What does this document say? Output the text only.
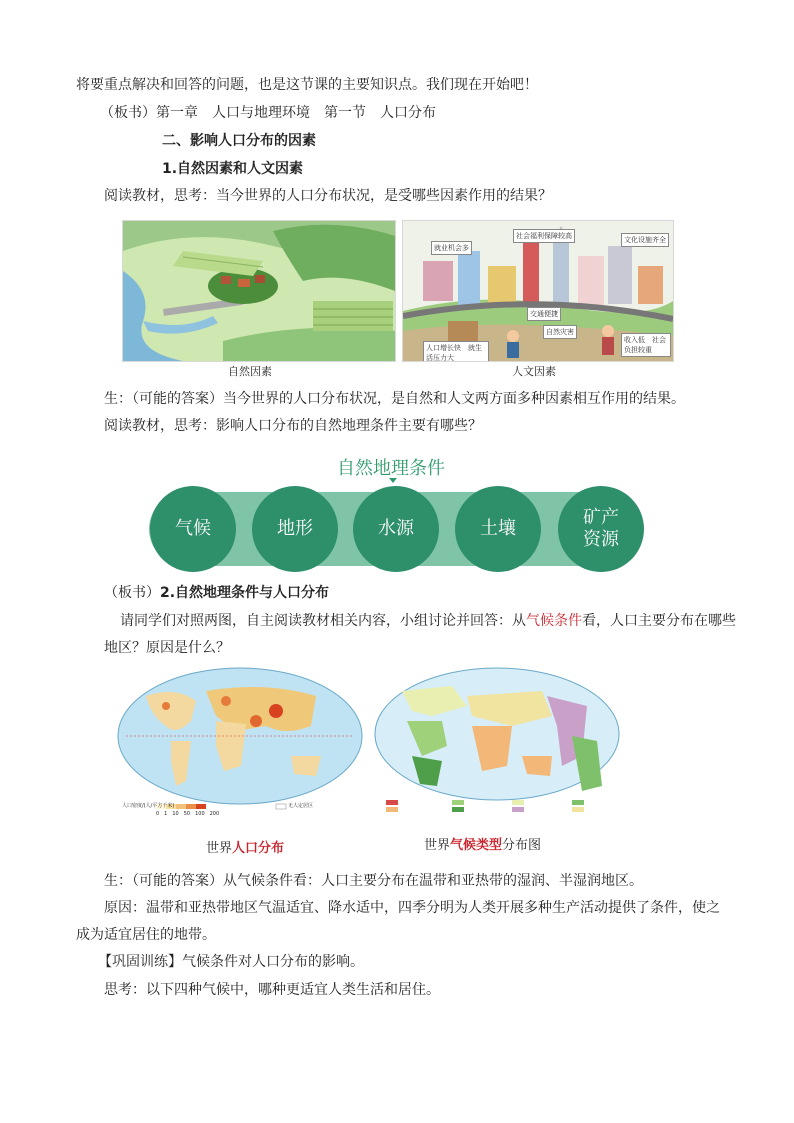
将要重点解决和回答的问题，也是这节课的主要知识点。我们现在开始吧！
（板书）第一章　人口与地理环境　第一节　人口分布
二、影响人口分布的因素
1.自然因素和人文因素
阅读教材，思考：当今世界的人口分布状况，是受哪些因素作用的结果？
自然因素
就业机会多
社会福利保障较高	文化设施齐全
交通便捷
自然灾害
人口增长快　就生活压力大
收入低　社会负担较重
人文因素
生：（可能的答案）当今世界的人口分布状况，是自然和人文两方面多种因素相互作用的结果。
阅读教材，思考：影响人口分布的自然地理条件主要有哪些？
自然地理条件
气候	地形	水源	土壤
矿产
资源
（板书）2.自然地理条件与人口分布
请同学们对照两图，自主阅读教材相关内容，小组讨论并回答：从气候条件看，人口主要分布在哪些
地区？原因是什么？
人口密度/(人/平方千米)
0　1　10　50　100　200
无人定居区
世界人口分布	世界气候类型分布图
生：（可能的答案）从气候条件看：人口主要分布在温带和亚热带的湿润、半湿润地区。
原因：温带和亚热带地区气温适宜、降水适中，四季分明为人类开展多种生产活动提供了条件，使之
成为适宜居住的地带。
【巩固训练】气候条件对人口分布的影响。
思考：以下四种气候中，哪种更适宜人类生活和居住。
